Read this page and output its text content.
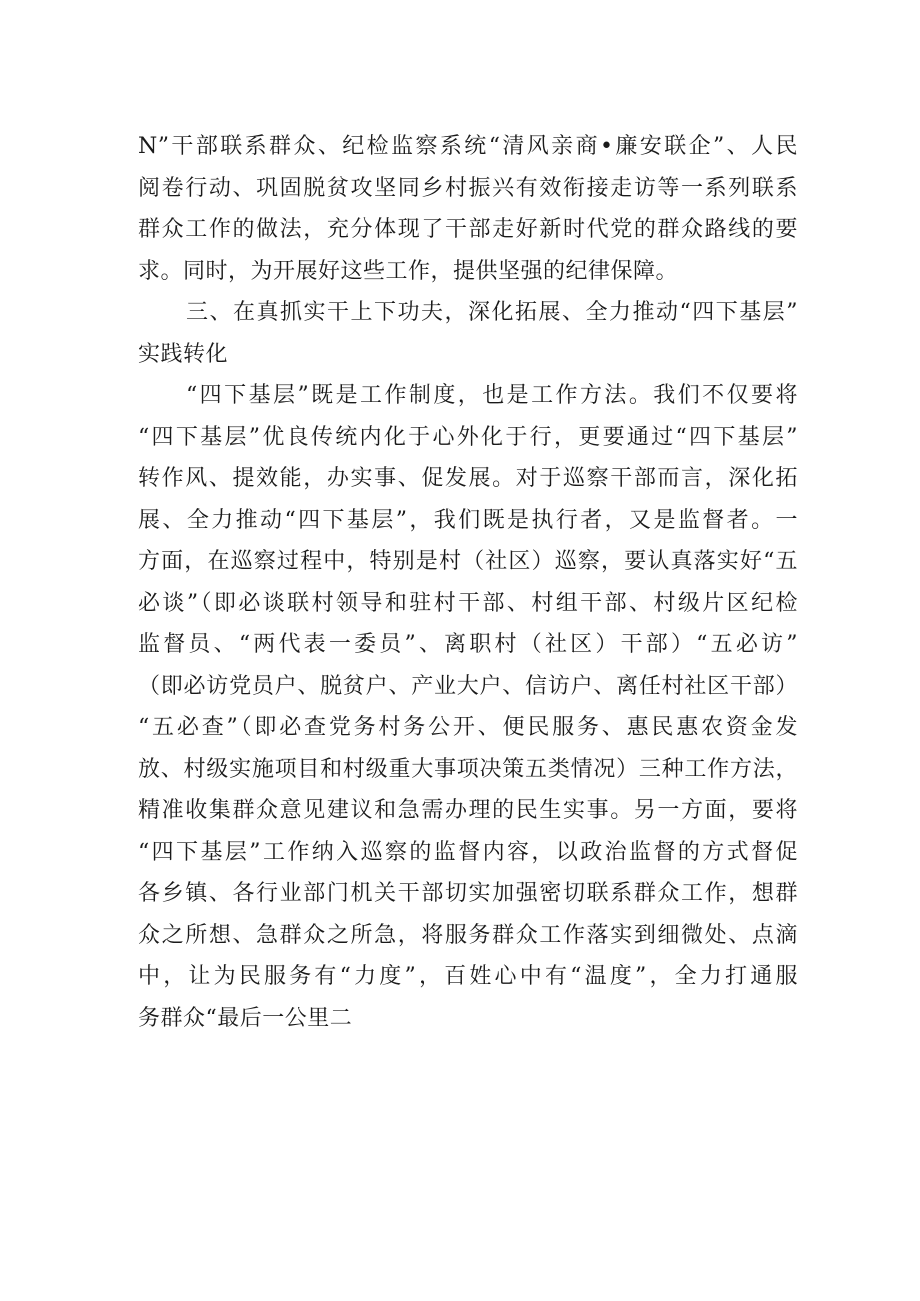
N”干部联系群众、纪检监察系统“清风亲商•廉安联企”、人民
阅卷行动、巩固脱贫攻坚同乡村振兴有效衔接走访等一系列联系
群众工作的做法，充分体现了干部走好新时代党的群众路线的要
求。同时，为开展好这些工作，提供坚强的纪律保障。
三、在真抓实干上下功夫，深化拓展、全力推动“四下基层”
实践转化
“四下基层”既是工作制度，也是工作方法。我们不仅要将
“四下基层”优良传统内化于心外化于行，更要通过“四下基层”
转作风、提效能，办实事、促发展。对于巡察干部而言，深化拓
展、全力推动“四下基层”，我们既是执行者，又是监督者。一
方面，在巡察过程中，特别是村（社区）巡察，要认真落实好“五
必谈”（即必谈联村领导和驻村干部、村组干部、村级片区纪检
监督员、“两代表一委员”、离职村（社区）干部）“五必访”
（即必访党员户、脱贫户、产业大户、信访户、离任村社区干部）
“五必查”（即必查党务村务公开、便民服务、惠民惠农资金发
放、村级实施项目和村级重大事项决策五类情况）三种工作方法，
精准收集群众意见建议和急需办理的民生实事。另一方面，要将
“四下基层”工作纳入巡察的监督内容，以政治监督的方式督促
各乡镇、各行业部门机关干部切实加强密切联系群众工作，想群
众之所想、急群众之所急，将服务群众工作落实到细微处、点滴
中，让为民服务有“力度”，百姓心中有“温度”，全力打通服
务群众“最后一公里二
